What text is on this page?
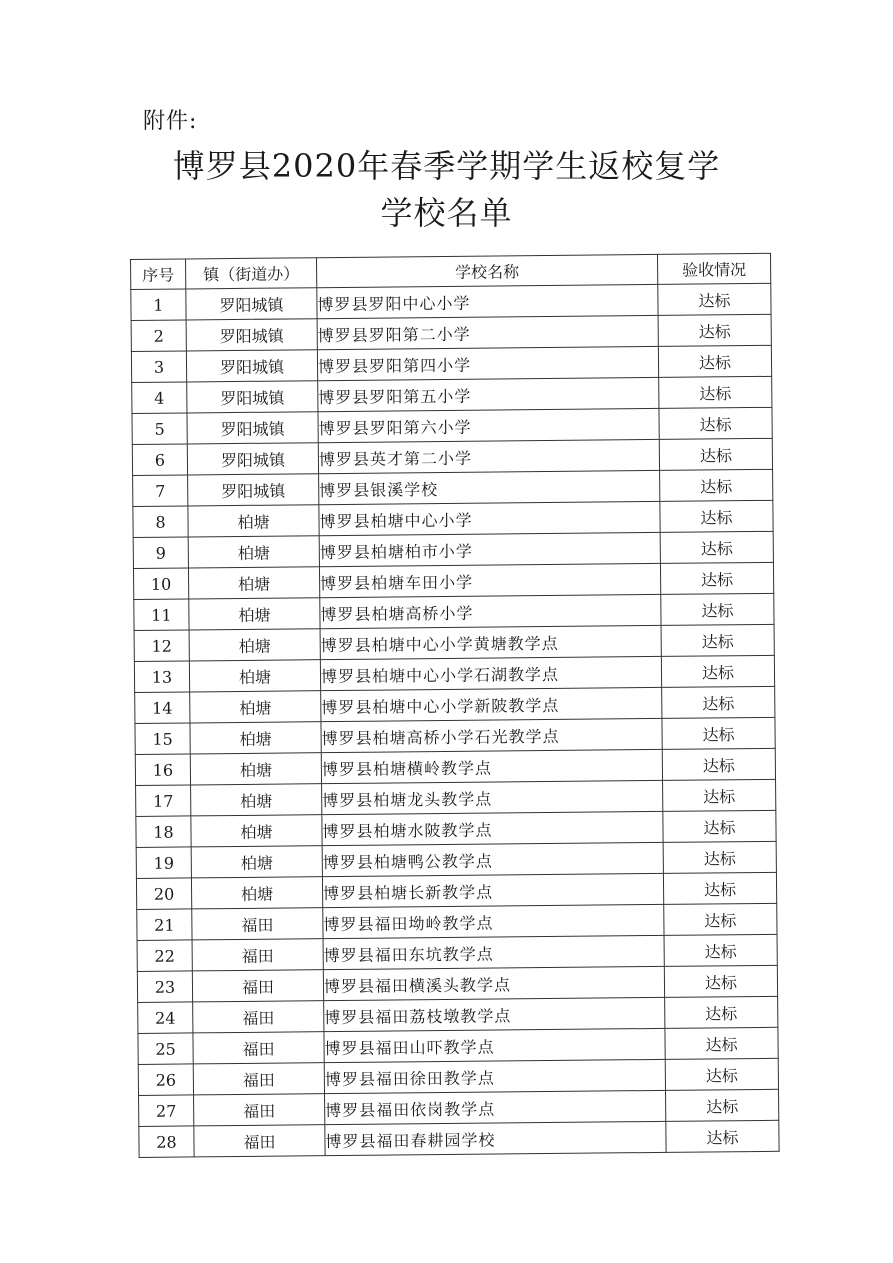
附件:
博罗县2020年春季学期学生返校复学
学校名单
序号	镇（街道办）	学校名称	验收情况
1	罗阳城镇	博罗县罗阳中心小学	达标
2	罗阳城镇	博罗县罗阳第二小学	达标
3	罗阳城镇	博罗县罗阳第四小学	达标
4	罗阳城镇	博罗县罗阳第五小学	达标
5	罗阳城镇	博罗县罗阳第六小学	达标
6	罗阳城镇	博罗县英才第二小学	达标
7	罗阳城镇	博罗县银溪学校	达标
8	柏塘	博罗县柏塘中心小学	达标
9	柏塘	博罗县柏塘柏市小学	达标
10	柏塘	博罗县柏塘车田小学	达标
11	柏塘	博罗县柏塘高桥小学	达标
12	柏塘	博罗县柏塘中心小学黄塘教学点	达标
13	柏塘	博罗县柏塘中心小学石湖教学点	达标
14	柏塘	博罗县柏塘中心小学新陂教学点	达标
15	柏塘	博罗县柏塘高桥小学石光教学点	达标
16	柏塘	博罗县柏塘横岭教学点	达标
17	柏塘	博罗县柏塘龙头教学点	达标
18	柏塘	博罗县柏塘水陂教学点	达标
19	柏塘	博罗县柏塘鸭公教学点	达标
20	柏塘	博罗县柏塘长新教学点	达标
21	福田	博罗县福田坳岭教学点	达标
22	福田	博罗县福田东坑教学点	达标
23	福田	博罗县福田横溪头教学点	达标
24	福田	博罗县福田荔枝墩教学点	达标
25	福田	博罗县福田山吓教学点	达标
26	福田	博罗县福田徐田教学点	达标
27	福田	博罗县福田依岗教学点	达标
28	福田	博罗县福田春耕园学校	达标
